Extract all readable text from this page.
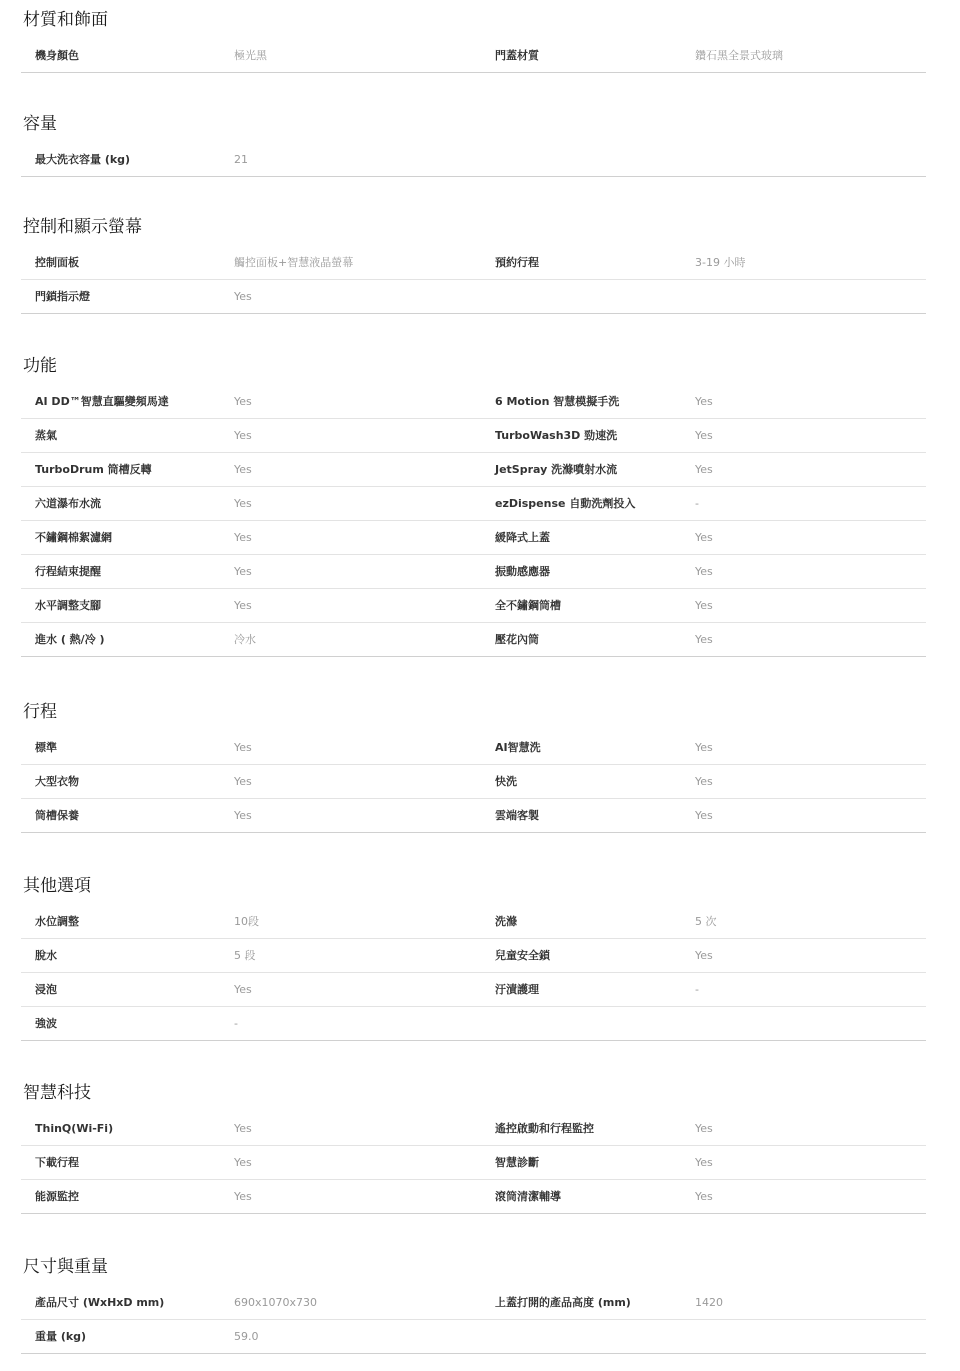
材質和飾面
機身顏色	極光黑	門蓋材質	鑽石黑全景式玻璃
容量
最大洗衣容量 (kg)	21
控制和顯示螢幕
控制面板	觸控面板+智慧液晶螢幕	預約行程	3-19 小時
門鎖指示燈	Yes
功能
AI DD™智慧直驅變頻馬達	Yes	6 Motion 智慧模擬手洗	Yes
蒸氣	Yes	TurboWash3D 勁速洗	Yes
TurboDrum 筒槽反轉	Yes	JetSpray 洗滌噴射水流	Yes
六道瀑布水流	Yes	ezDispense 自動洗劑投入	-
不鏽鋼棉絮濾網	Yes	緩降式上蓋	Yes
行程結束提醒	Yes	振動感應器	Yes
水平調整支腳	Yes	全不鏽鋼筒槽	Yes
進水 ( 熱/冷 )	冷水	壓花內筒	Yes
行程
標準	Yes	AI智慧洗	Yes
大型衣物	Yes	快洗	Yes
筒槽保養	Yes	雲端客製	Yes
其他選項
水位調整	10段	洗滌	5 次
脫水	5 段	兒童安全鎖	Yes
浸泡	Yes	汙漬護理	-
強波	-
智慧科技
ThinQ(Wi-Fi)	Yes	遙控啟動和行程監控	Yes
下載行程	Yes	智慧診斷	Yes
能源監控	Yes	滾筒清潔輔導	Yes
尺寸與重量
產品尺寸 (WxHxD mm)	690x1070x730	上蓋打開的產品高度 (mm)	1420
重量 (kg)	59.0
